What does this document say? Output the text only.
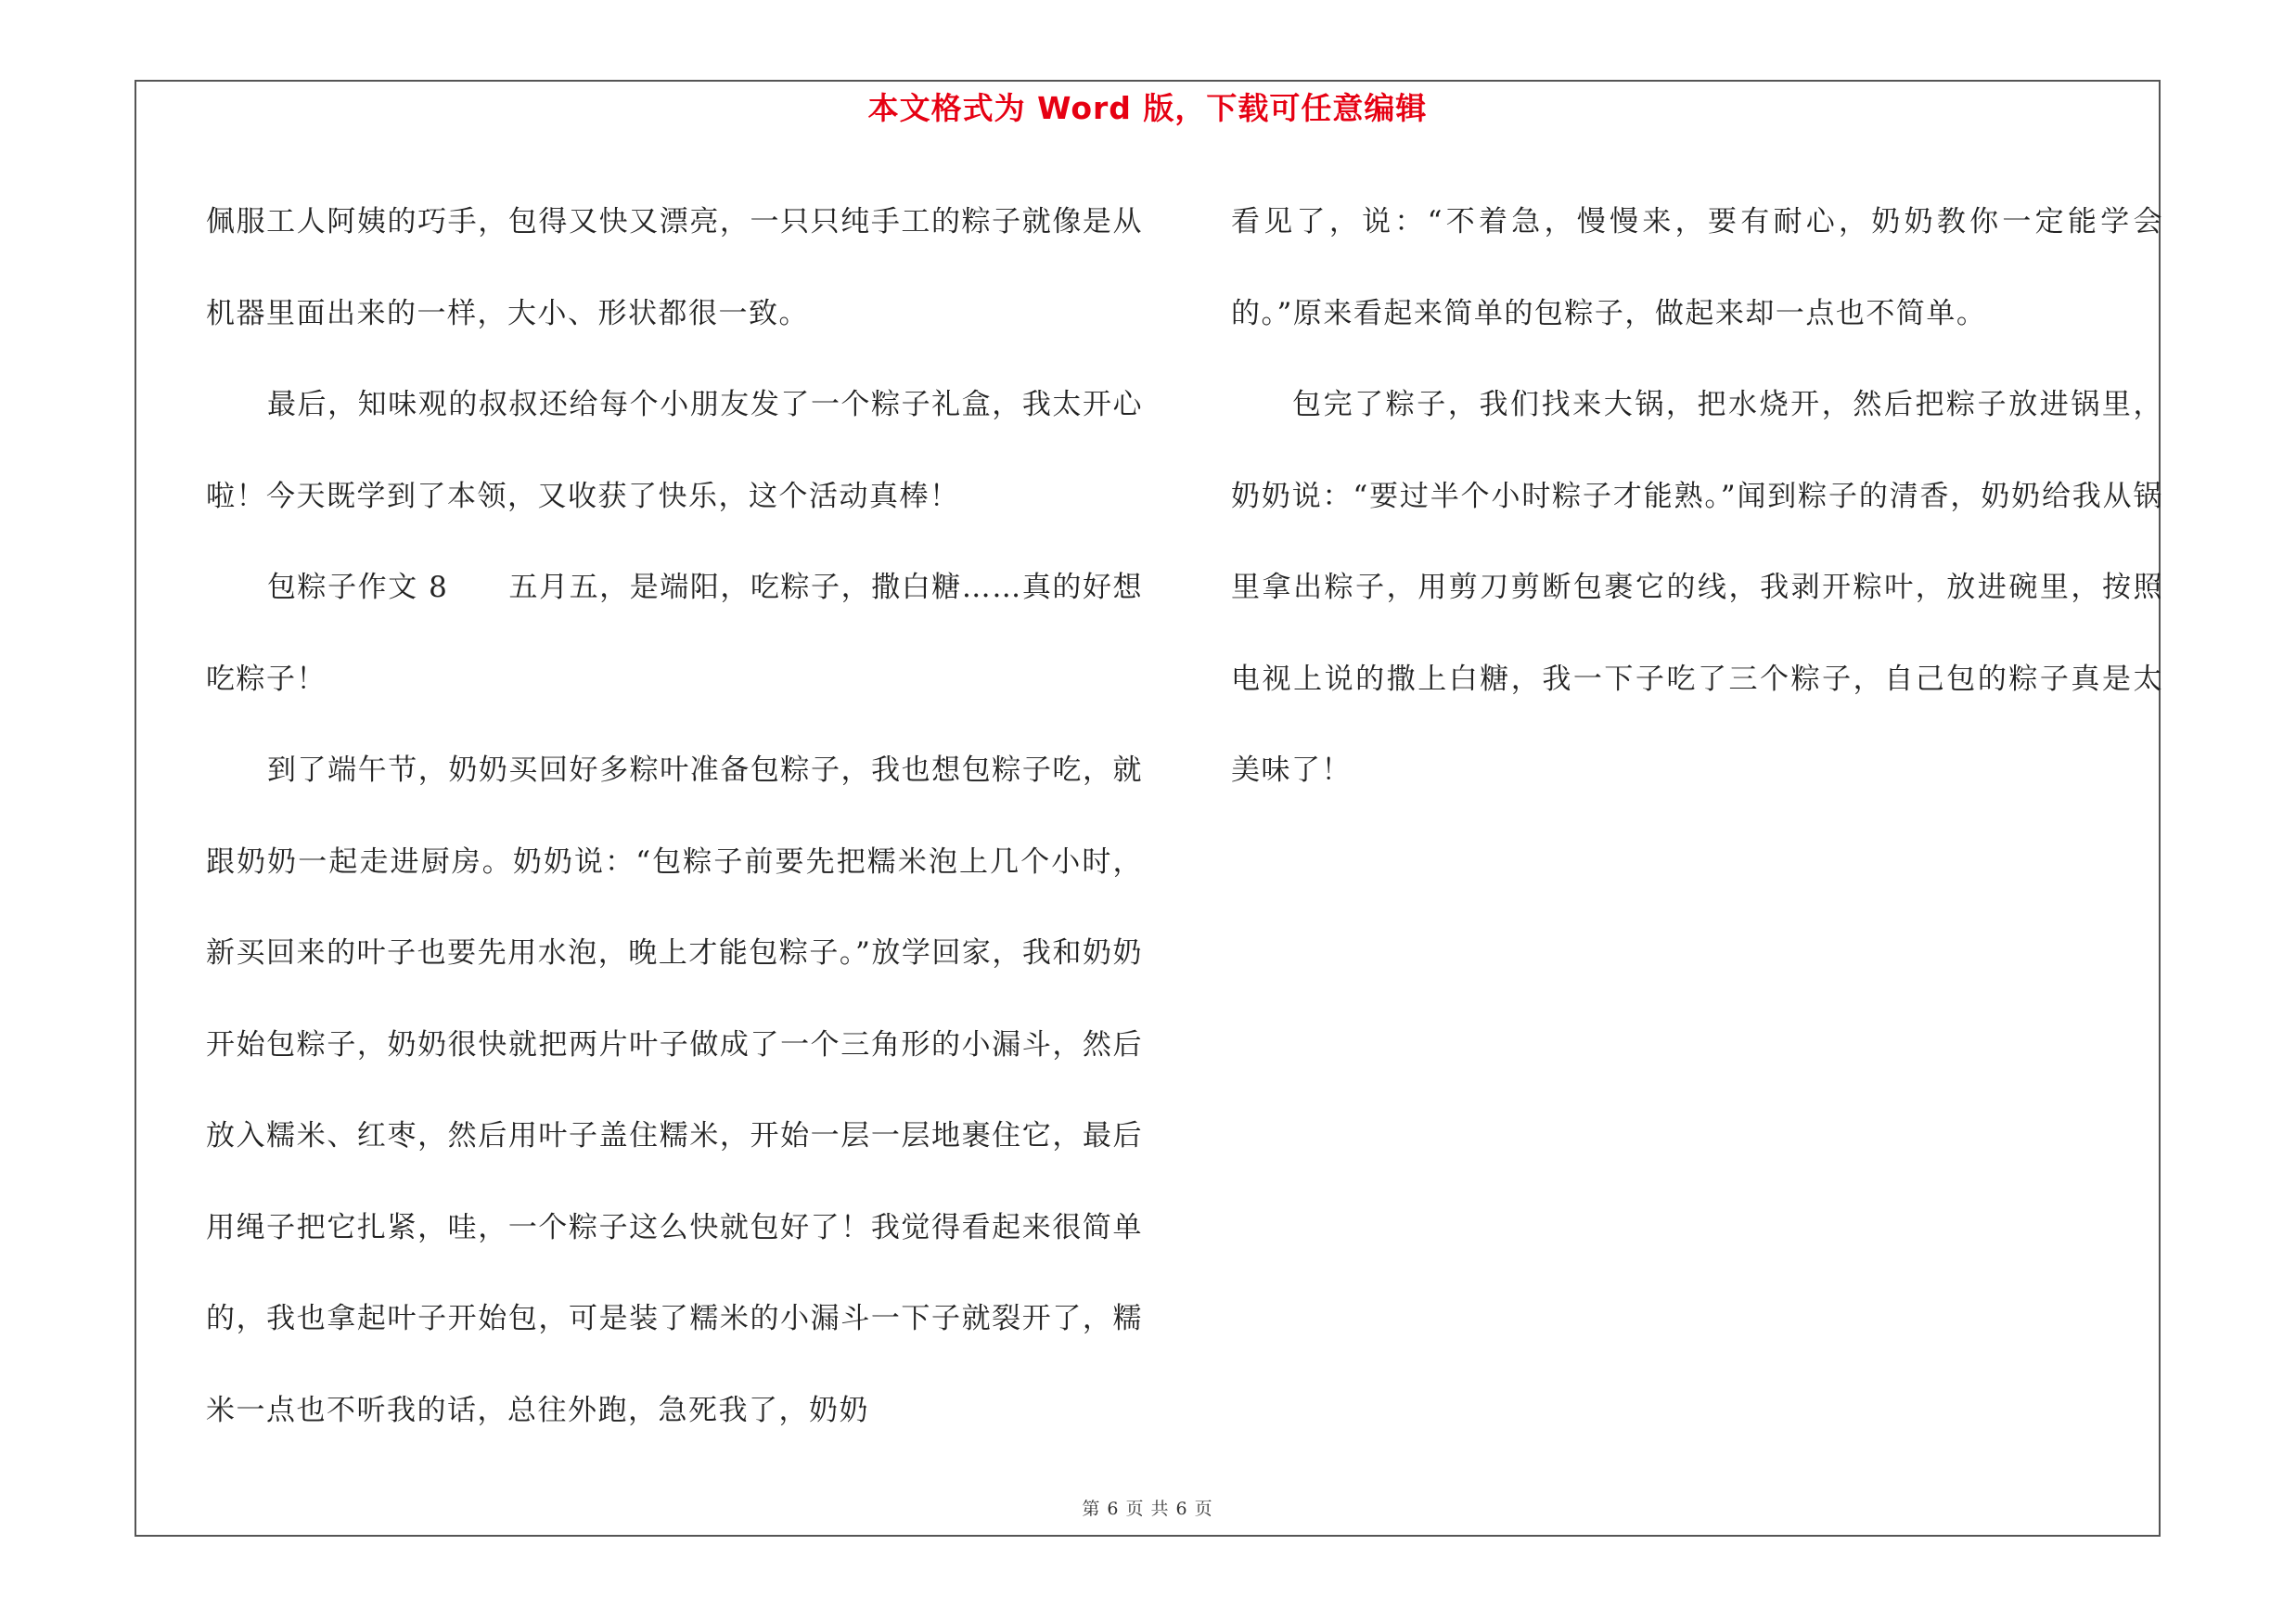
本文格式为 Word 版，下载可任意编辑

佩服工人阿姨的巧手，包得又快又漂亮，一只只纯手工的粽子就像是从机器里面出来的一样，大小、形状都很一致。

最后，知味观的叔叔还给每个小朋友发了一个粽子礼盒，我太开心啦！今天既学到了本领，又收获了快乐，这个活动真棒！

包粽子作文 8　　五月五，是端阳，吃粽子，撒白糖……真的好想吃粽子！

到了端午节，奶奶买回好多粽叶准备包粽子，我也想包粽子吃，就跟奶奶一起走进厨房。奶奶说：“包粽子前要先把糯米泡上几个小时，新买回来的叶子也要先用水泡，晚上才能包粽子。”放学回家，我和奶奶开始包粽子，奶奶很快就把两片叶子做成了一个三角形的小漏斗，然后放入糯米、红枣，然后用叶子盖住糯米，开始一层一层地裹住它，最后用绳子把它扎紧，哇，一个粽子这么快就包好了！我觉得看起来很简单的，我也拿起叶子开始包，可是装了糯米的小漏斗一下子就裂开了，糯米一点也不听我的话，总往外跑，急死我了，奶奶

看见了，说：“不着急，慢慢来，要有耐心，奶奶教你一定能学会的。”原来看起来简单的包粽子，做起来却一点也不简单。

包完了粽子，我们找来大锅，把水烧开，然后把粽子放进锅里，奶奶说：“要过半个小时粽子才能熟。”闻到粽子的清香，奶奶给我从锅里拿出粽子，用剪刀剪断包裹它的线，我剥开粽叶，放进碗里，按照电视上说的撒上白糖，我一下子吃了三个粽子，自己包的粽子真是太美味了！

第 6 页 共 6 页
